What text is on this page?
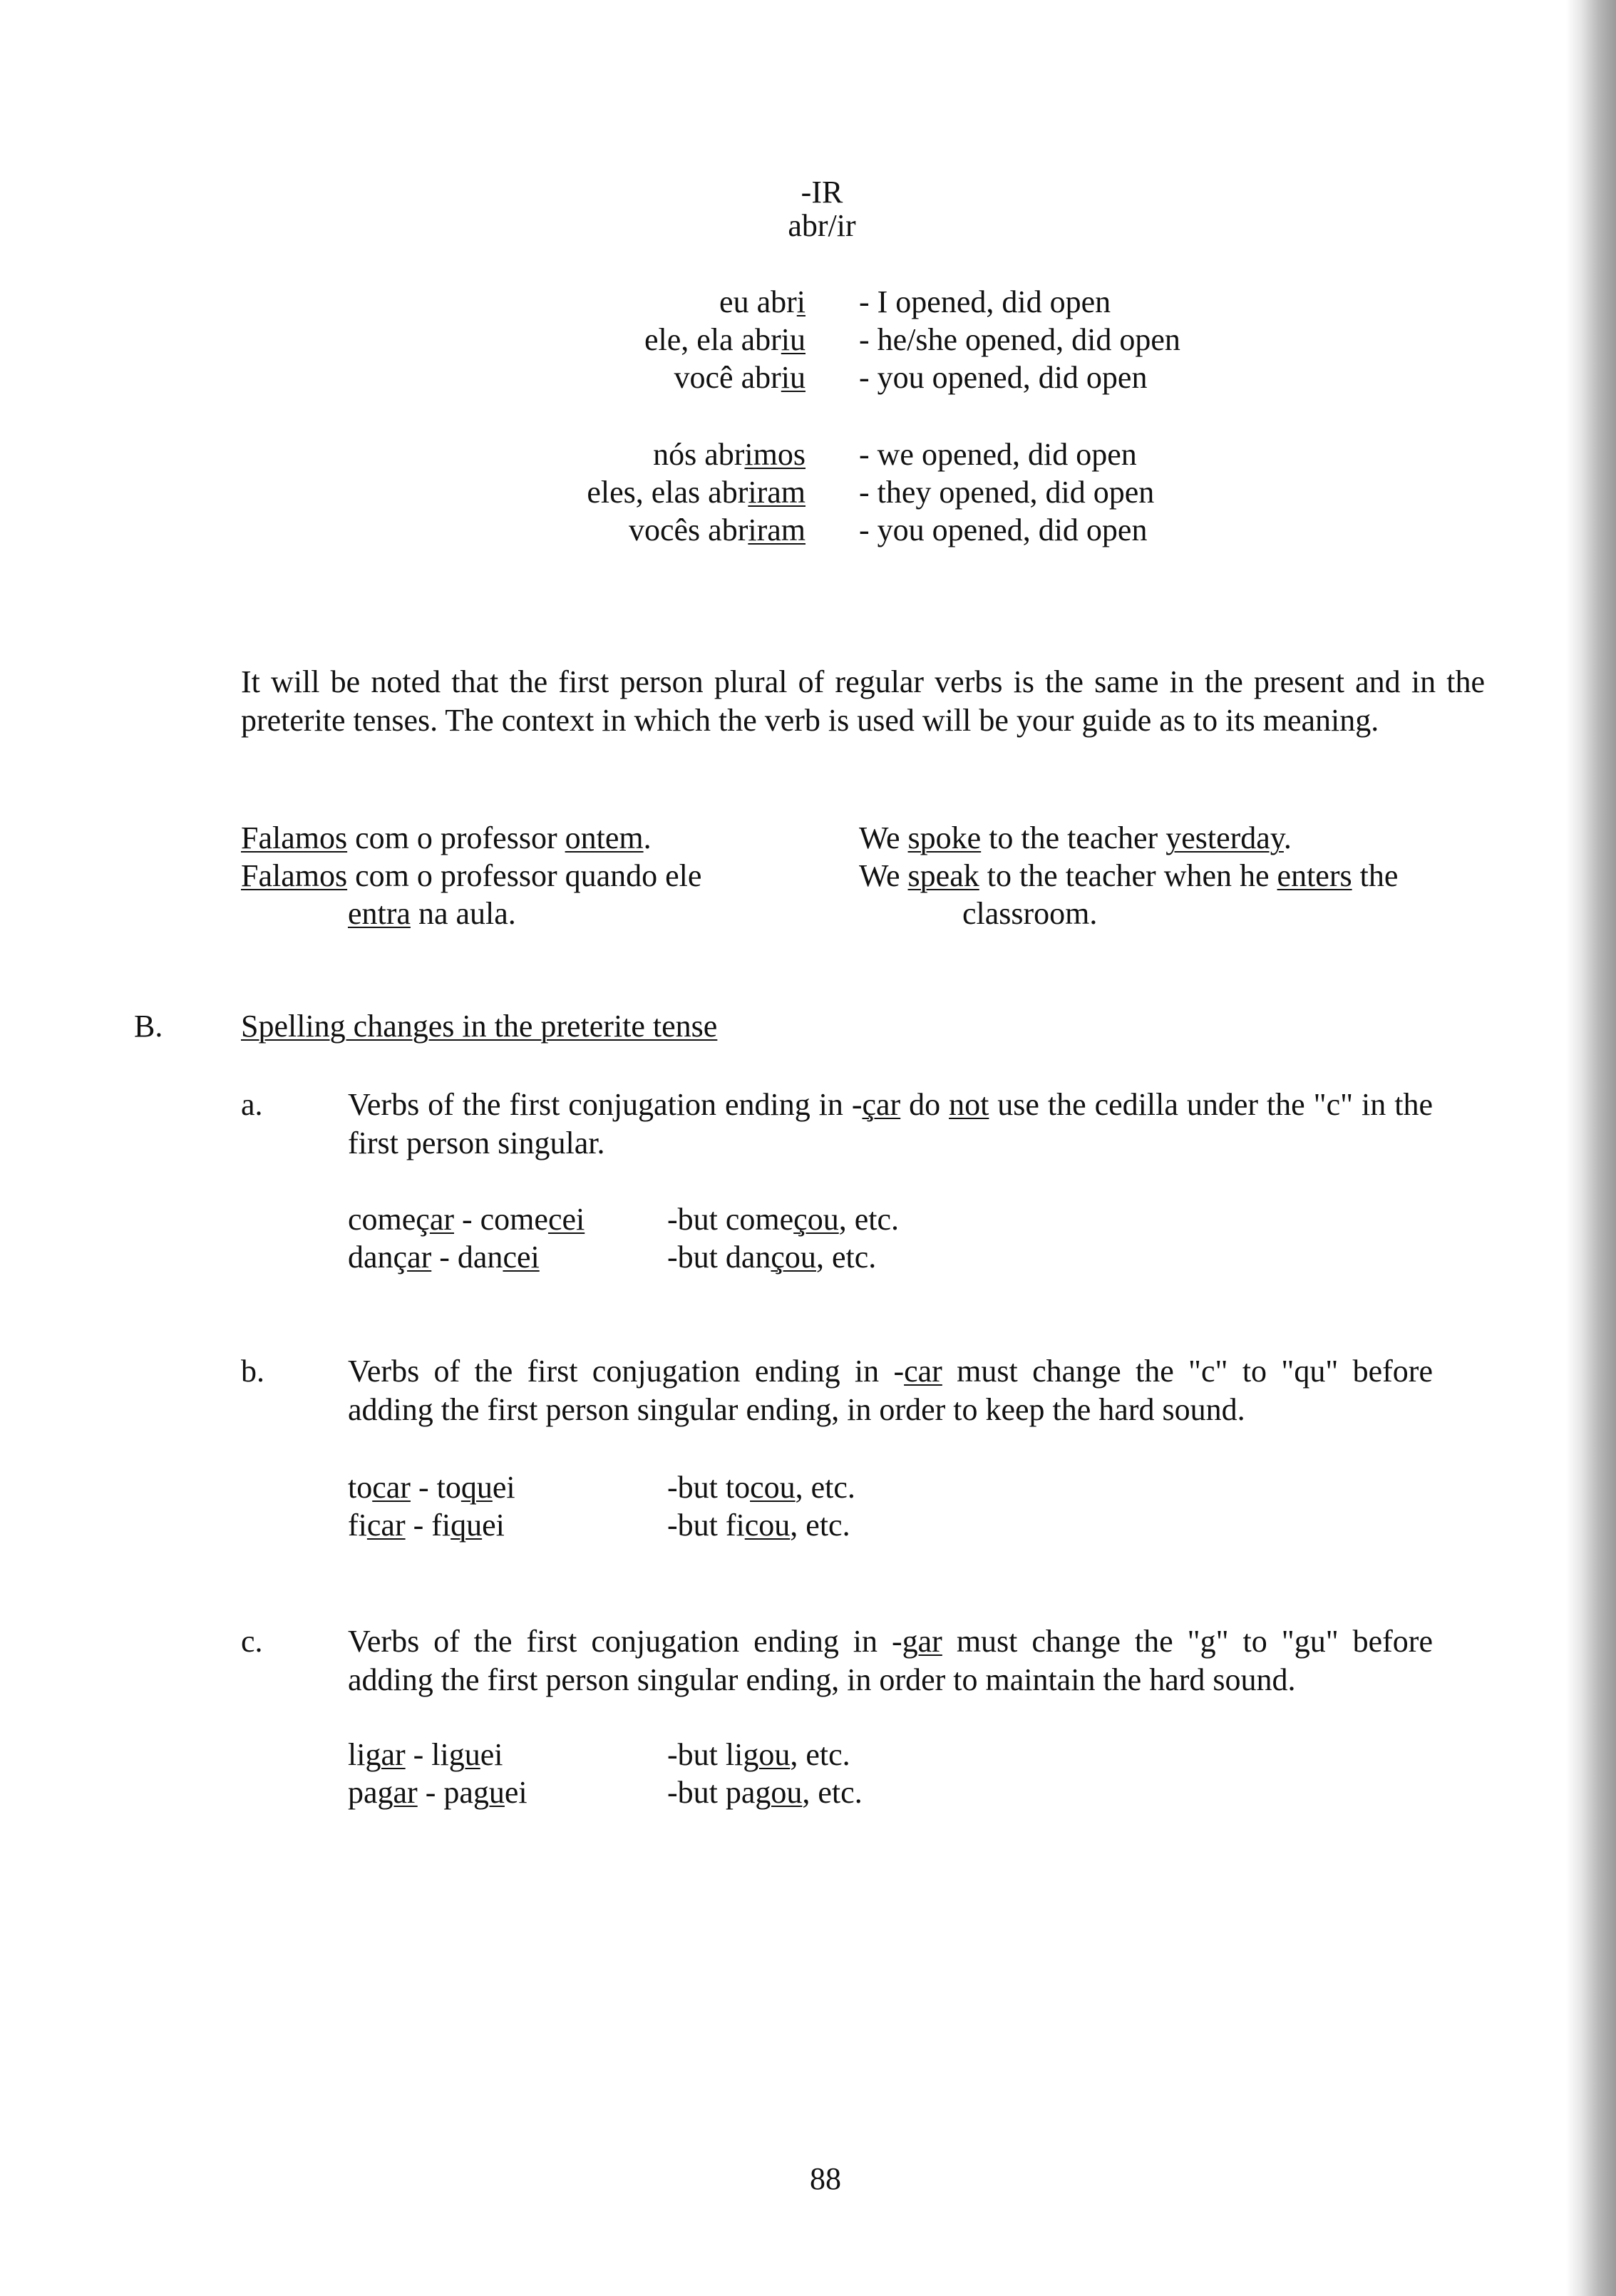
-IR
abr/ir
eu abri - I opened, did open
ele, ela abriu - he/she opened, did open
você abriu - you opened, did open
nós abrimos - we opened, did open
eles, elas abriram - they opened, did open
vocês abriram - you opened, did open
It will be noted that the first person plural of regular verbs is the same in the present and in the preterite tenses. The context in which the verb is used will be your guide as to its meaning.
Falamos com o professor ontem.	We spoke to the teacher yesterday.
Falamos com o professor quando ele	We speak to the teacher when he enters the
entra na aula.	classroom.
B. Spelling changes in the preterite tense
a.	Verbs of the first conjugation ending in -çar do not use the cedilla under the "c" in the first person singular.
começar - comecei	-but começou, etc.
dançar - dancei	-but dançou, etc.
b.	Verbs of the first conjugation ending in -car must change the "c" to "qu" before adding the first person singular ending, in order to keep the hard sound.
tocar - toquei	-but tocou, etc.
ficar - fiquei	-but ficou, etc.
c.	Verbs of the first conjugation ending in -gar must change the "g" to "gu" before adding the first person singular ending, in order to maintain the hard sound.
ligar - liguei	-but ligou, etc.
pagar - paguei	-but pagou, etc.
88
